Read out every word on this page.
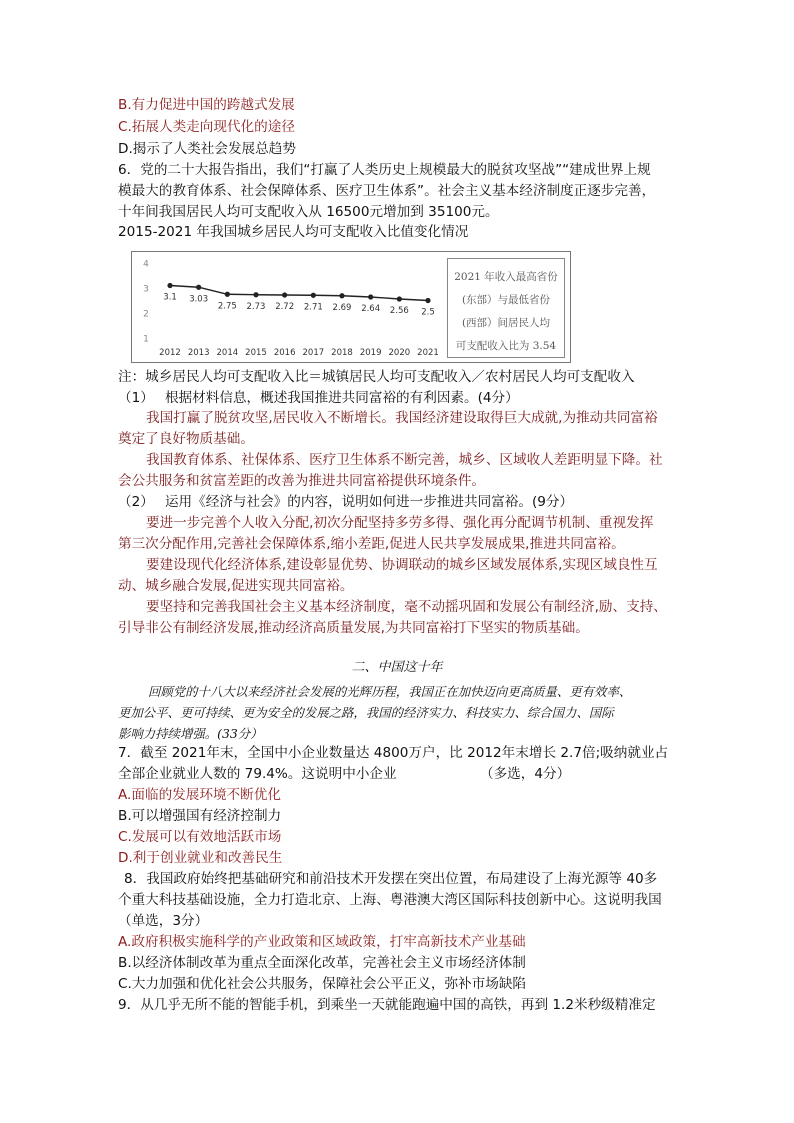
B.有力促进中国的跨越式发展
C.拓展人类走向现代化的途径
D.揭示了人类社会发展总趋势
6．党的二十大报告指出，我们“打赢了人类历史上规模最大的脱贫攻坚战”“建成世界上规
模最大的教育体系、社会保障体系、医疗卫生体系”。社会主义基本经济制度正逐步完善，
十年间我国居民人均可支配收入从 16500元增加到 35100元。
2015-2021 年我国城乡居民人均可支配收入比值变化情况
1
2
3
4
2012 2013 2014 2015 2016 2017 2018 2019 2020 2021
3.1 3.03
2.75 2.73 2.72 2.71 2.69 2.64 2.56 2.5
2021 年收入最高省份
(东部）与最低省份
(西部）间居民人均
可支配收入比为 3.54
注：城乡居民人均可支配收入比＝城镇居民人均可支配收入／农村居民人均可支配收入
（1）　 根据材料信息，概述我国推进共同富裕的有利因素。(4分）
我国打赢了脱贫攻坚,居民收入不断增长。我国经济建设取得巨大成就,为推动共同富裕
奠定了良好物质基础。
我国教育体系、社保体系、医疗卫生体系不断完善，城乡、区域收人差距明显下降。社
会公共服务和贫富差距的改善为推进共同富裕提供环境条件。
（2）　 运用《经济与社会》的内容，说明如何进一步推进共同富裕。(9分）
要进一步完善个人收入分配,初次分配坚持多劳多得、强化再分配调节机制、重视发挥
第三次分配作用,完善社会保障体系,缩小差距,促进人民共享发展成果,推进共同富裕。
要建设现代化经济体系,建设彰显优势、协调联动的城乡区域发展体系,实现区域良性互
动、城乡融合发展,促进实现共同富裕。
要坚持和完善我国社会主义基本经济制度，毫不动摇巩固和发展公有制经济,励、支持、
引导非公有制经济发展,推动经济高质量发展,为共同富裕打下坚实的物质基础。
二、中国这十年
回顾党的十八大以来经济社会发展的光辉历程，我国正在加快迈向更高质量、更有效率、
更加公平、更可持续、更为安全的发展之路，我国的经济实力、科技实力、综合国力、国际
影响力持续增强。(33分）
7．截至 2021年末，全国中小企业数量达 4800万户，比 2012年末增长 2.7倍;吸纳就业占
全部企业就业人数的 79.4%。这说明中小企业	（多选，4分）
A.面临的发展环境不断优化
B.可以增强国有经济控制力
C.发展可以有效地活跃市场
D.利于创业就业和改善民生
8．我国政府始终把基础研究和前沿技术开发摆在突出位置，布局建设了上海光源等 40多
个重大科技基础设施，全力打造北京、上海、粤港澳大湾区国际科技创新中心。这说明我国
（单选，3分）
A.政府积极实施科学的产业政策和区域政策，打牢高新技术产业基础
B.以经济体制改革为重点全面深化改革，完善社会主义市场经济体制
C.大力加强和优化社会公共服务，保障社会公平正义，弥补市场缺陷
9．从几乎无所不能的智能手机，到乘坐一天就能跑遍中国的高铁，再到 1.2米秒级精准定
